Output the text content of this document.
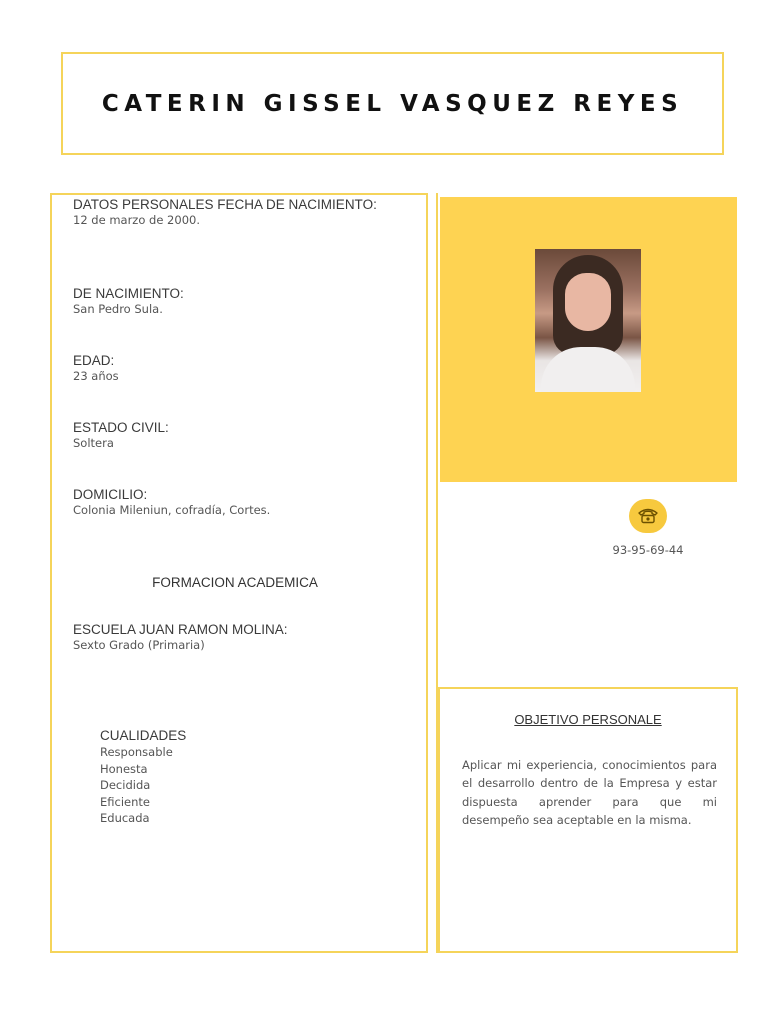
CATERIN GISSEL VASQUEZ REYES
DATOS PERSONALES FECHA DE NACIMIENTO:
12 de marzo de 2000.
DE NACIMIENTO:
San Pedro Sula.
EDAD:
23 años
ESTADO CIVIL:
Soltera
DOMICILIO:
Colonia Mileniun, cofradía, Cortes.
FORMACION ACADEMICA
ESCUELA JUAN RAMON MOLINA:
Sexto Grado (Primaria)
CUALIDADES
Responsable
Honesta
Decidida
Eficiente
Educada
93-95-69-44
OBJETIVO PERSONALE
Aplicar mi experiencia, conocimientos para el desarrollo dentro de la Empresa y estar dispuesta aprender para que mi desempeño sea aceptable en la misma.
